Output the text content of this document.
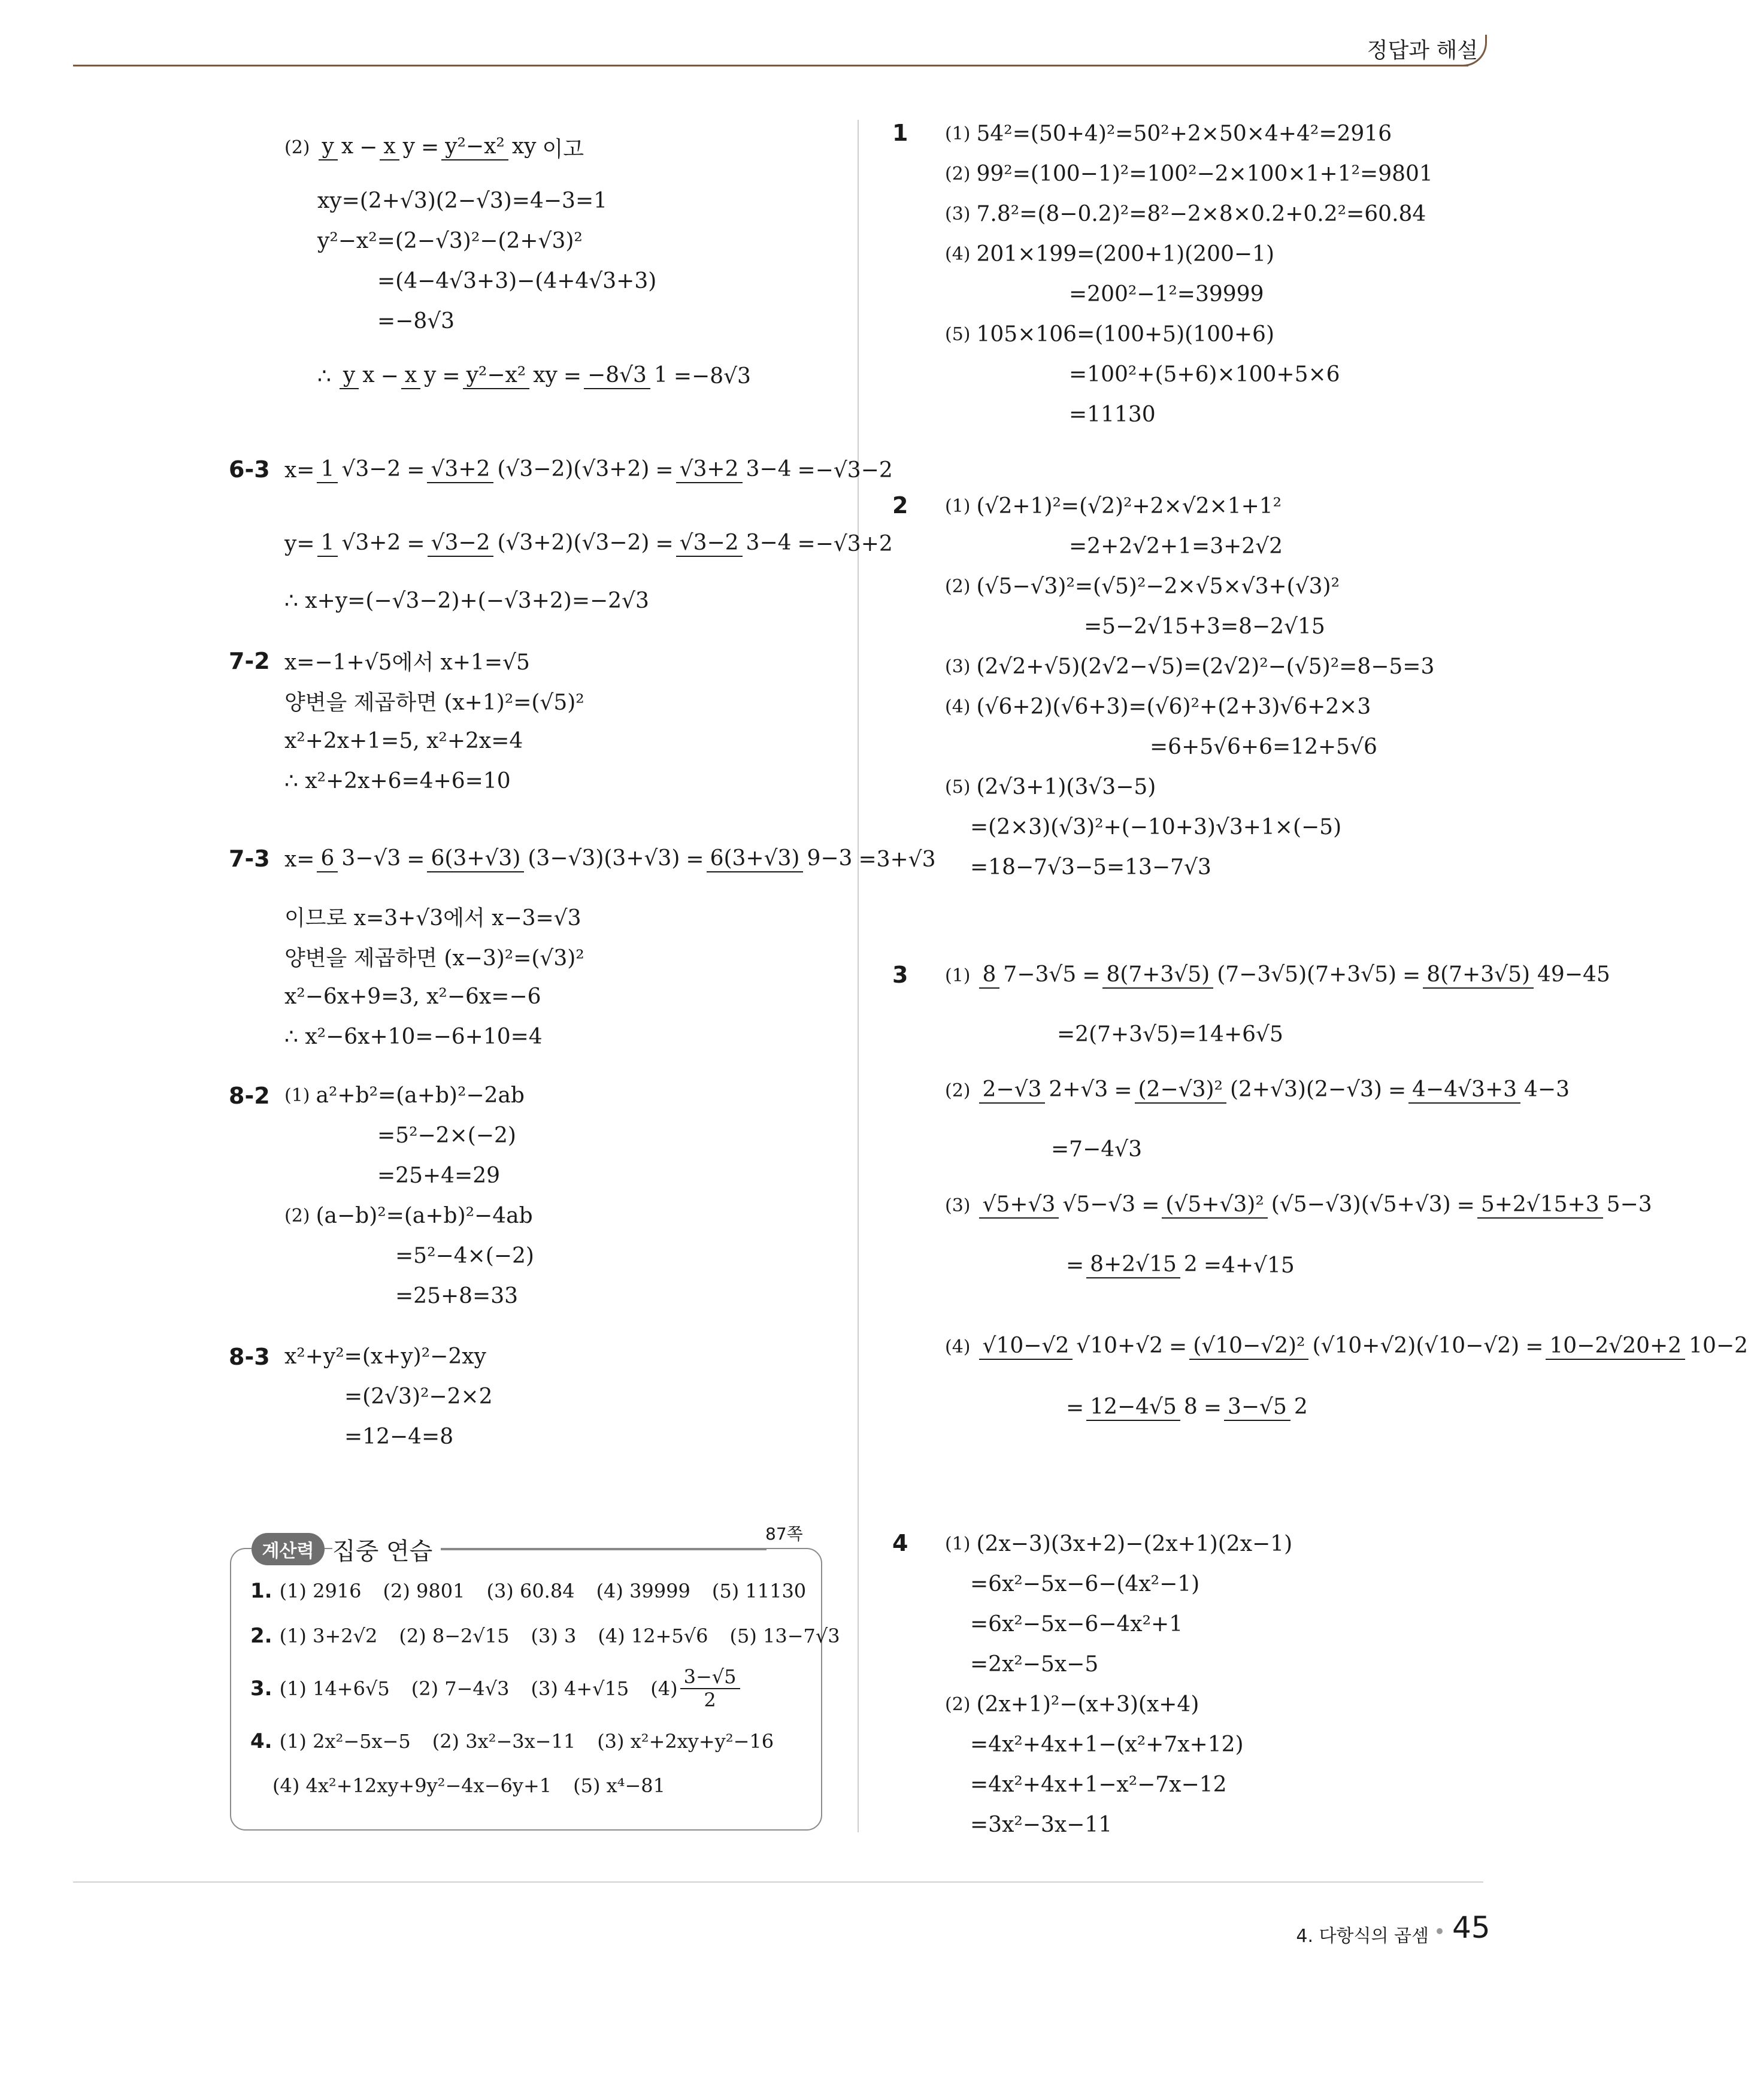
정답과 해설
4. 다항식의 곱셈 45
(2) y x − x y = y²−x² xy 이고
xy=(2+√3)(2−√3)=4−3=1
y²−x²=(2−√3)²−(2+√3)²
=(4−4√3+3)−(4+4√3+3)
=−8√3
∴ y x − x y = y²−x² xy = −8√3 1 =−8√3
6-3 x= 1 √3−2 = √3+2 (√3−2)(√3+2) = √3+2 3−4 =−√3−2
y= 1 √3+2 = √3−2 (√3+2)(√3−2) = √3−2 3−4 =−√3+2
∴ x+y=(−√3−2)+(−√3+2)=−2√3
7-2 x=−1+√5에서 x+1=√5
양변을 제곱하면 (x+1)²=(√5)²
x²+2x+1=5, x²+2x=4
∴ x²+2x+6=4+6=10
7-3 x= 6 3−√3 = 6(3+√3) (3−√3)(3+√3) = 6(3+√3) 9−3 =3+√3
이므로 x=3+√3에서 x−3=√3
양변을 제곱하면 (x−3)²=(√3)²
x²−6x+9=3, x²−6x=−6
∴ x²−6x+10=−6+10=4
8-2 (1) a²+b²=(a+b)²−2ab
=5²−2×(−2)
=25+4=29
(2) (a−b)²=(a+b)²−4ab
=5²−4×(−2)
=25+8=33
8-3 x²+y²=(x+y)²−2xy
=(2√3)²−2×2
=12−4=8
계산력 집중 연습
87쪽
1. (1) 2916 (2) 9801 (3) 60.84 (4) 39999 (5) 11130
2. (1) 3+2√2 (2) 8−2√15 (3) 3 (4) 12+5√6 (5) 13−7√3
3. (1) 14+6√5 (2) 7−4√3 (3) 4+√15 $(4) \frac{3-√5}{2}$
4. (1) 2x²−5x−5 (2) 3x²−3x−11 (3) x²+2xy+y²−16
(4) 4x²+12xy+9y²−4x−6y+1 (5) x⁴−81
1 (1) 54²=(50+4)²=50²+2×50×4+4²=2916
(2) 99²=(100−1)²=100²−2×100×1+1²=9801
(3) 7.8²=(8−0.2)²=8²−2×8×0.2+0.2²=60.84
(4) 201×199=(200+1)(200−1)
=200²−1²=39999
(5) 105×106=(100+5)(100+6)
=100²+(5+6)×100+5×6
=11130
2 (1) (√2+1)²=(√2)²+2×√2×1+1²
=2+2√2+1=3+2√2
(2) (√5−√3)²=(√5)²−2×√5×√3+(√3)²
=5−2√15+3=8−2√15
(3) (2√2+√5)(2√2−√5)=(2√2)²−(√5)²=8−5=3
(4) (√6+2)(√6+3)=(√6)²+(2+3)√6+2×3
=6+5√6+6=12+5√6
(5) (2√3+1)(3√3−5)
=(2×3)(√3)²+(−10+3)√3+1×(−5)
=18−7√3−5=13−7√3
3 (1) 8 7−3√5 = 8(7+3√5) (7−3√5)(7+3√5) = 8(7+3√5) 49−45
=2(7+3√5)=14+6√5
(2) 2−√3 2+√3 = (2−√3)² (2+√3)(2−√3) = 4−4√3+3 4−3
=7−4√3
(3) √5+√3 √5−√3 = (√5+√3)² (√5−√3)(√5+√3) = 5+2√15+3 5−3
= 8+2√15 2 =4+√15
(4) √10−√2 √10+√2 = (√10−√2)² (√10+√2)(√10−√2) = 10−2√20+2 10−2
= 12−4√5 8 = 3−√5 2
4 (1) (2x−3)(3x+2)−(2x+1)(2x−1)
=6x²−5x−6−(4x²−1)
=6x²−5x−6−4x²+1
=2x²−5x−5
(2) (2x+1)²−(x+3)(x+4)
=4x²+4x+1−(x²+7x+12)
=4x²+4x+1−x²−7x−12
=3x²−3x−11
